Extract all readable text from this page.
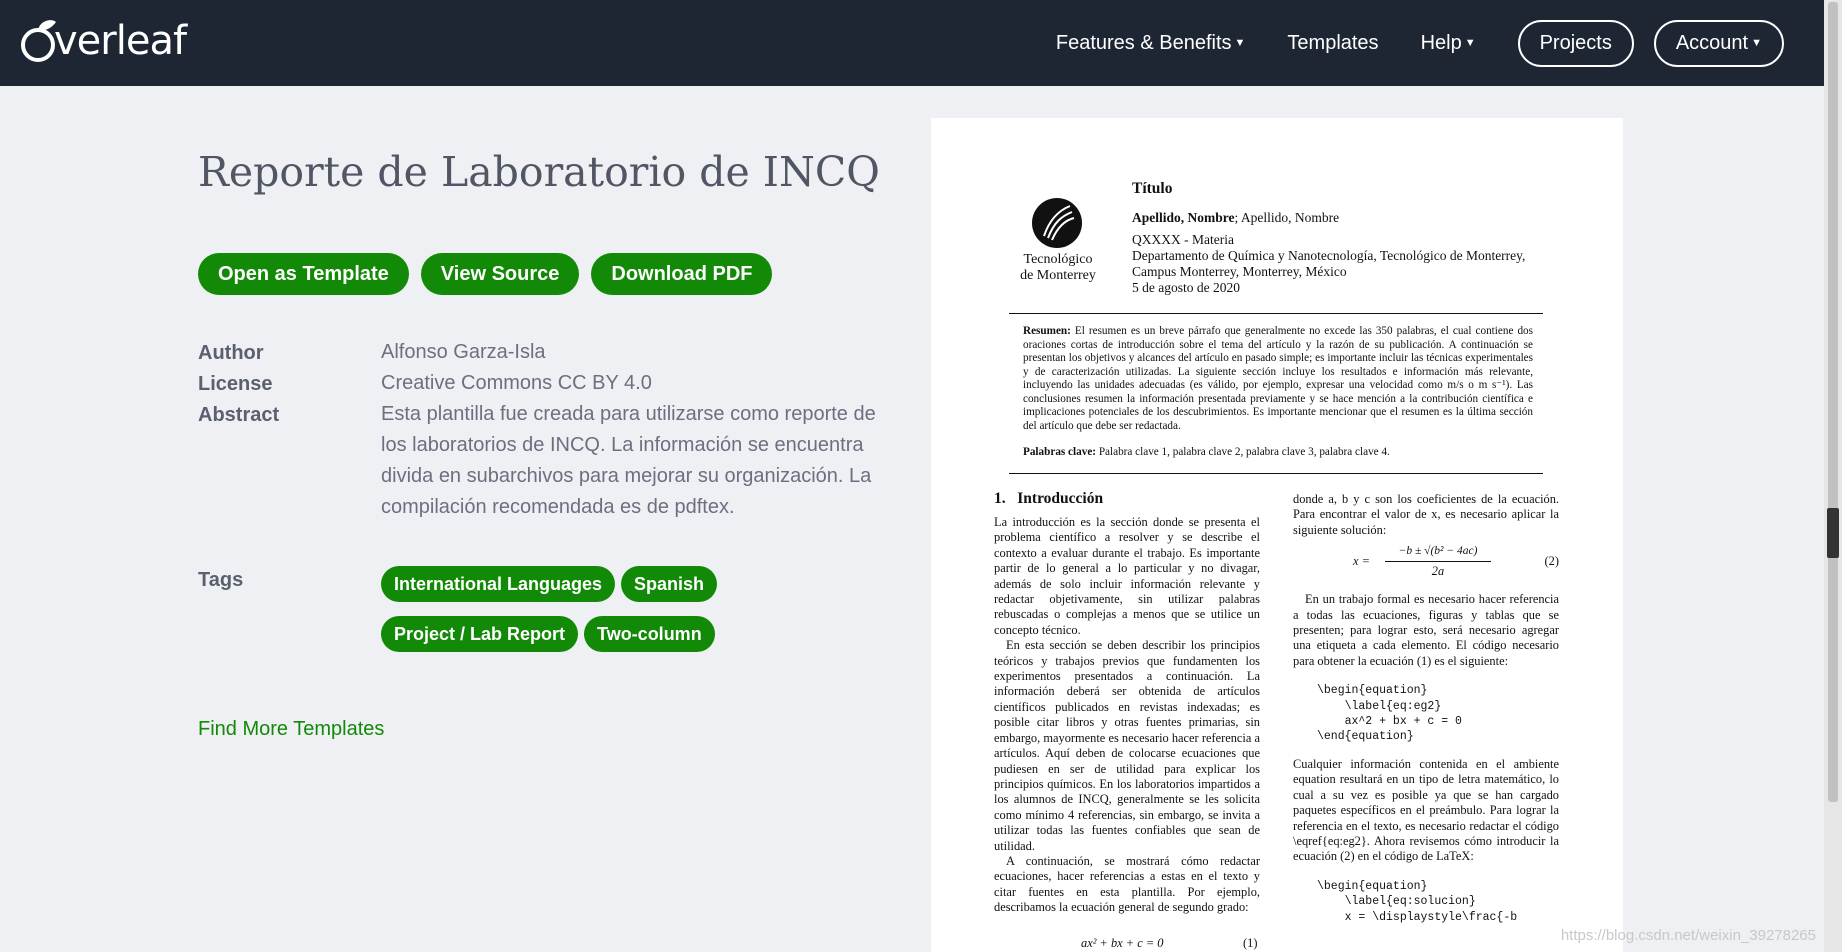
verleaf	Features & Benefits ▼ Templates Help ▼	Projects	Account ▼
Reporte de Laboratorio de INCQ
Open as Template	View Source	Download PDF
Author	Alfonso Garza-Isla
License	Creative Commons CC BY 4.0
Abstract	Esta plantilla fue creada para utilizarse como reporte de los laboratorios de INCQ. La información se encuentra divida en subarchivos para mejorar su organización. La compilación recomendada es de pdftex.
Tags	International Languages SpanishProject / Lab Report Two-column
Find More Templates
Tecnológico
de Monterrey
Título
Apellido, Nombre; Apellido, Nombre
QXXXX - Materia
Departamento de Química y Nanotecnología, Tecnológico de Monterrey,
Campus Monterrey, Monterrey, México
5 de agosto de 2020
Resumen: El resumen es un breve párrafo que generalmente no excede las 350 palabras, el cual contiene dos oraciones cortas de introducción sobre el tema del artículo y la razón de su publicación. A continuación se presentan los objetivos y alcances del artículo en pasado simple; es importante incluir las técnicas experimentales y de caracterización utilizadas. La siguiente sección incluye los resultados e información más relevante, incluyendo las unidades adecuadas (es válido, por ejemplo, expresar una velocidad como m/s o m s⁻¹). Las conclusiones resumen la información presentada previamente y se hace mención a la contribución científica e implicaciones potenciales de los descubrimientos. Es importante mencionar que el resumen es la última sección del artículo que debe ser redactada.
Palabras clave: Palabra clave 1, palabra clave 2, palabra clave 3, palabra clave 4.
1. Introducción
La introducción es la sección donde se presenta el problema científico a resolver y se describe el contexto a evaluar durante el trabajo. Es importante partir de lo general a lo particular y no divagar, además de solo incluir información relevante y redactar objetivamente, sin utilizar palabras rebuscadas o complejas a menos que se utilice un concepto técnico.
En esta sección se deben describir los principios teóricos y trabajos previos que fundamenten los experimentos presentados a continuación. La información deberá ser obtenida de artículos científicos publicados en revistas indexadas; es posible citar libros y otras fuentes primarias, sin embargo, mayormente es necesario hacer referencia a artículos. Aquí deben de colocarse ecuaciones que pudiesen en ser de utilidad para explicar los principios químicos. En los laboratorios impartidos a los alumnos de INCQ, generalmente se les solicita como mínimo 4 referencias, sin embargo, se invita a utilizar todas las fuentes confiables que sean de utilidad.
A continuación, se mostrará cómo redactar ecuaciones, hacer referencias a estas en el texto y citar fuentes en esta plantilla. Por ejemplo, describamos la ecuación general de segundo grado:
ax² + bx + c = 0	(1)
donde a, b y c son los coeficientes de la ecuación. Para encontrar el valor de x, es necesario aplicar la siguiente solución:
x =
−b ± √(b² − 4ac)
2a
(2)
En un trabajo formal es necesario hacer referencia a todas las ecuaciones, figuras y tablas que se presenten; para lograr esto, será necesario agregar una etiqueta a cada elemento. El código necesario para obtener la ecuación (1) es el siguiente:
\begin{equation}
\label{eq:eg2}
ax^2 + bx + c = 0
\end{equation}
Cualquier información contenida en el ambiente equation resultará en un tipo de letra matemático, lo cual a su vez es posible ya que se han cargado paquetes específicos en el preámbulo. Para lograr la referencia en el texto, es necesario redactar el código \eqref{eq:eg2}. Ahora revisemos cómo introducir la ecuación (2) en el código de LaTeX:
\begin{equation}
\label{eq:solucion}
x = \displaystyle\frac{-b
https://blog.csdn.net/weixin_39278265
